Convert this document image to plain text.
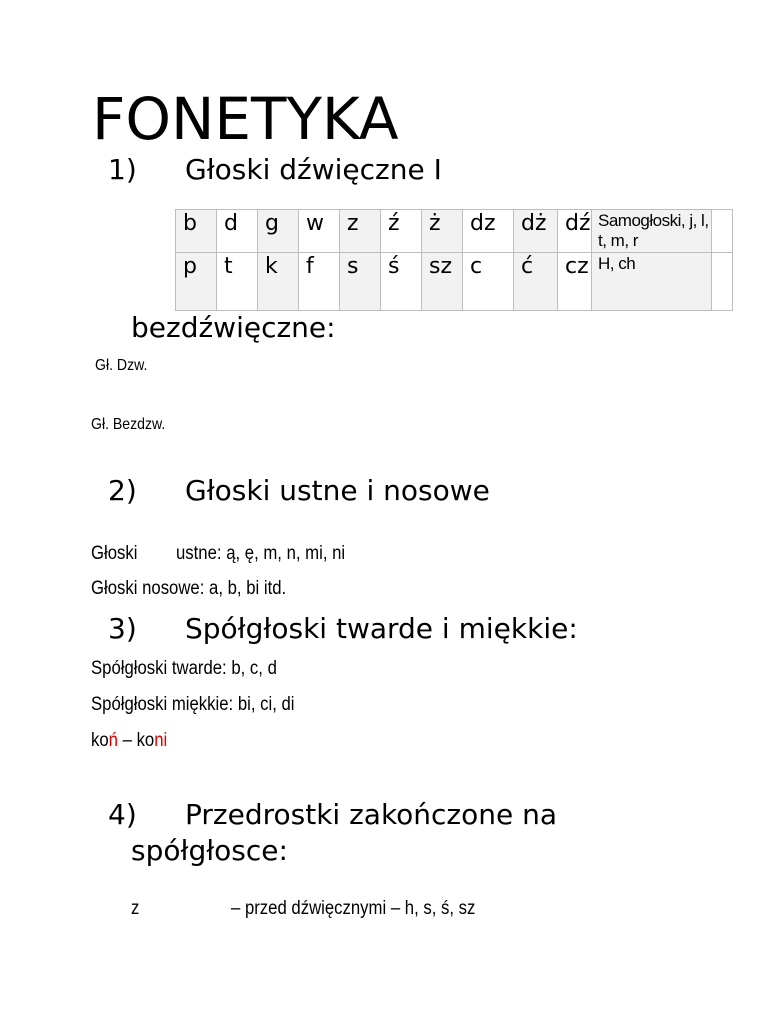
FONETYKA
1) Głoski dźwięczne I
b	d	g	w	z	ź	ż	dz	dż	dź	Samogłoski, j, l, t, m, r	
p	t	k	f	s	ś	sz	c	ć	cz	H, ch	
bezdźwięczne:
Gł. Dzw.
Gł. Bezdzw.
2) Głoski ustne i nosowe
Głoski ustne: ą, ę, m, n, mi, ni
Głoski nosowe: a, b, bi itd.
3) Spółgłoski twarde i miękkie:
Spółgłoski twarde: b, c, d
Spółgłoski miękkie: bi, ci, di
koń – koni
4) Przedrostki zakończone na
spółgłosce:
z	– przed dźwięcznymi – h, s, ś, sz
